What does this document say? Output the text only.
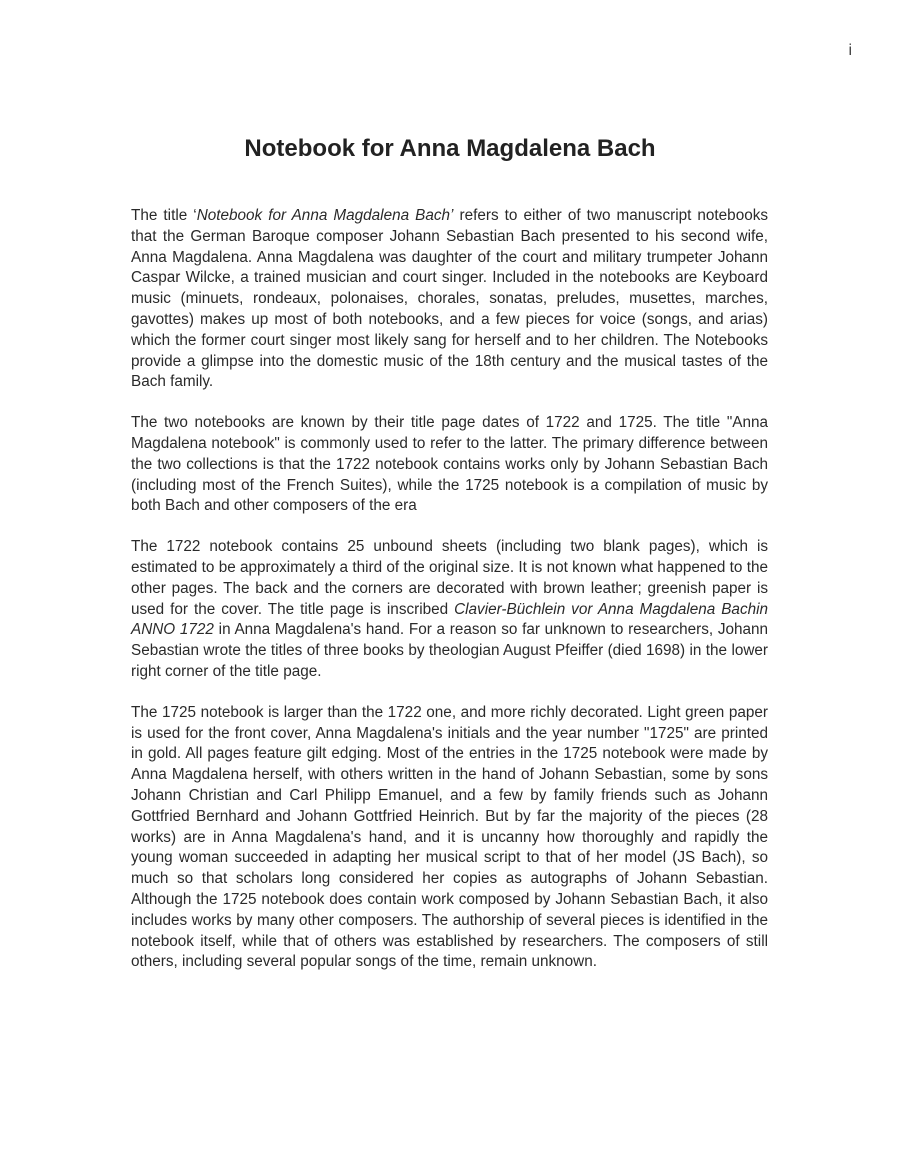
i
Notebook for Anna Magdalena Bach

The title ‘Notebook for Anna Magdalena Bach’ refers to either of two manuscript notebooks that the German Baroque composer Johann Sebastian Bach presented to his second wife, Anna Magdalena. Anna Magdalena was daughter of the court and military trumpeter Johann Caspar Wilcke, a trained musician and court singer. Included in the notebooks are Keyboard music (minuets, rondeaux, polonaises, chorales, sonatas, preludes, musettes, marches, gavottes) makes up most of both notebooks, and a few pieces for voice (songs, and arias) which the former court singer most likely sang for herself and to her children. The Notebooks provide a glimpse into the domestic music of the 18th century and the musical tastes of the Bach family.

The two notebooks are known by their title page dates of 1722 and 1725. The title "Anna Magdalena notebook" is commonly used to refer to the latter. The primary difference between the two collections is that the 1722 notebook contains works only by Johann Sebastian Bach (including most of the French Suites), while the 1725 notebook is a compilation of music by both Bach and other composers of the era

The 1722 notebook contains 25 unbound sheets (including two blank pages), which is estimated to be approximately a third of the original size. It is not known what happened to the other pages. The back and the corners are decorated with brown leather; greenish paper is used for the cover. The title page is inscribed Clavier-Büchlein vor Anna Magdalena Bachin ANNO 1722 in Anna Magdalena's hand. For a reason so far unknown to researchers, Johann Sebastian wrote the titles of three books by theologian August Pfeiffer (died 1698) in the lower right corner of the title page.

The 1725 notebook is larger than the 1722 one, and more richly decorated. Light green paper is used for the front cover, Anna Magdalena's initials and the year number "1725" are printed in gold. All pages feature gilt edging. Most of the entries in the 1725 notebook were made by Anna Magdalena herself, with others written in the hand of Johann Sebastian, some by sons Johann Christian and Carl Philipp Emanuel, and a few by family friends such as Johann Gottfried Bernhard and Johann Gottfried Heinrich. But by far the majority of the pieces (28 works) are in Anna Magdalena's hand, and it is uncanny how thoroughly and rapidly the young woman succeeded in adapting her musical script to that of her model (JS Bach), so much so that scholars long considered her copies as autographs of Johann Sebastian. Although the 1725 notebook does contain work composed by Johann Sebastian Bach, it also includes works by many other composers. The authorship of several pieces is identified in the notebook itself, while that of others was established by researchers. The composers of still others, including several popular songs of the time, remain unknown.
